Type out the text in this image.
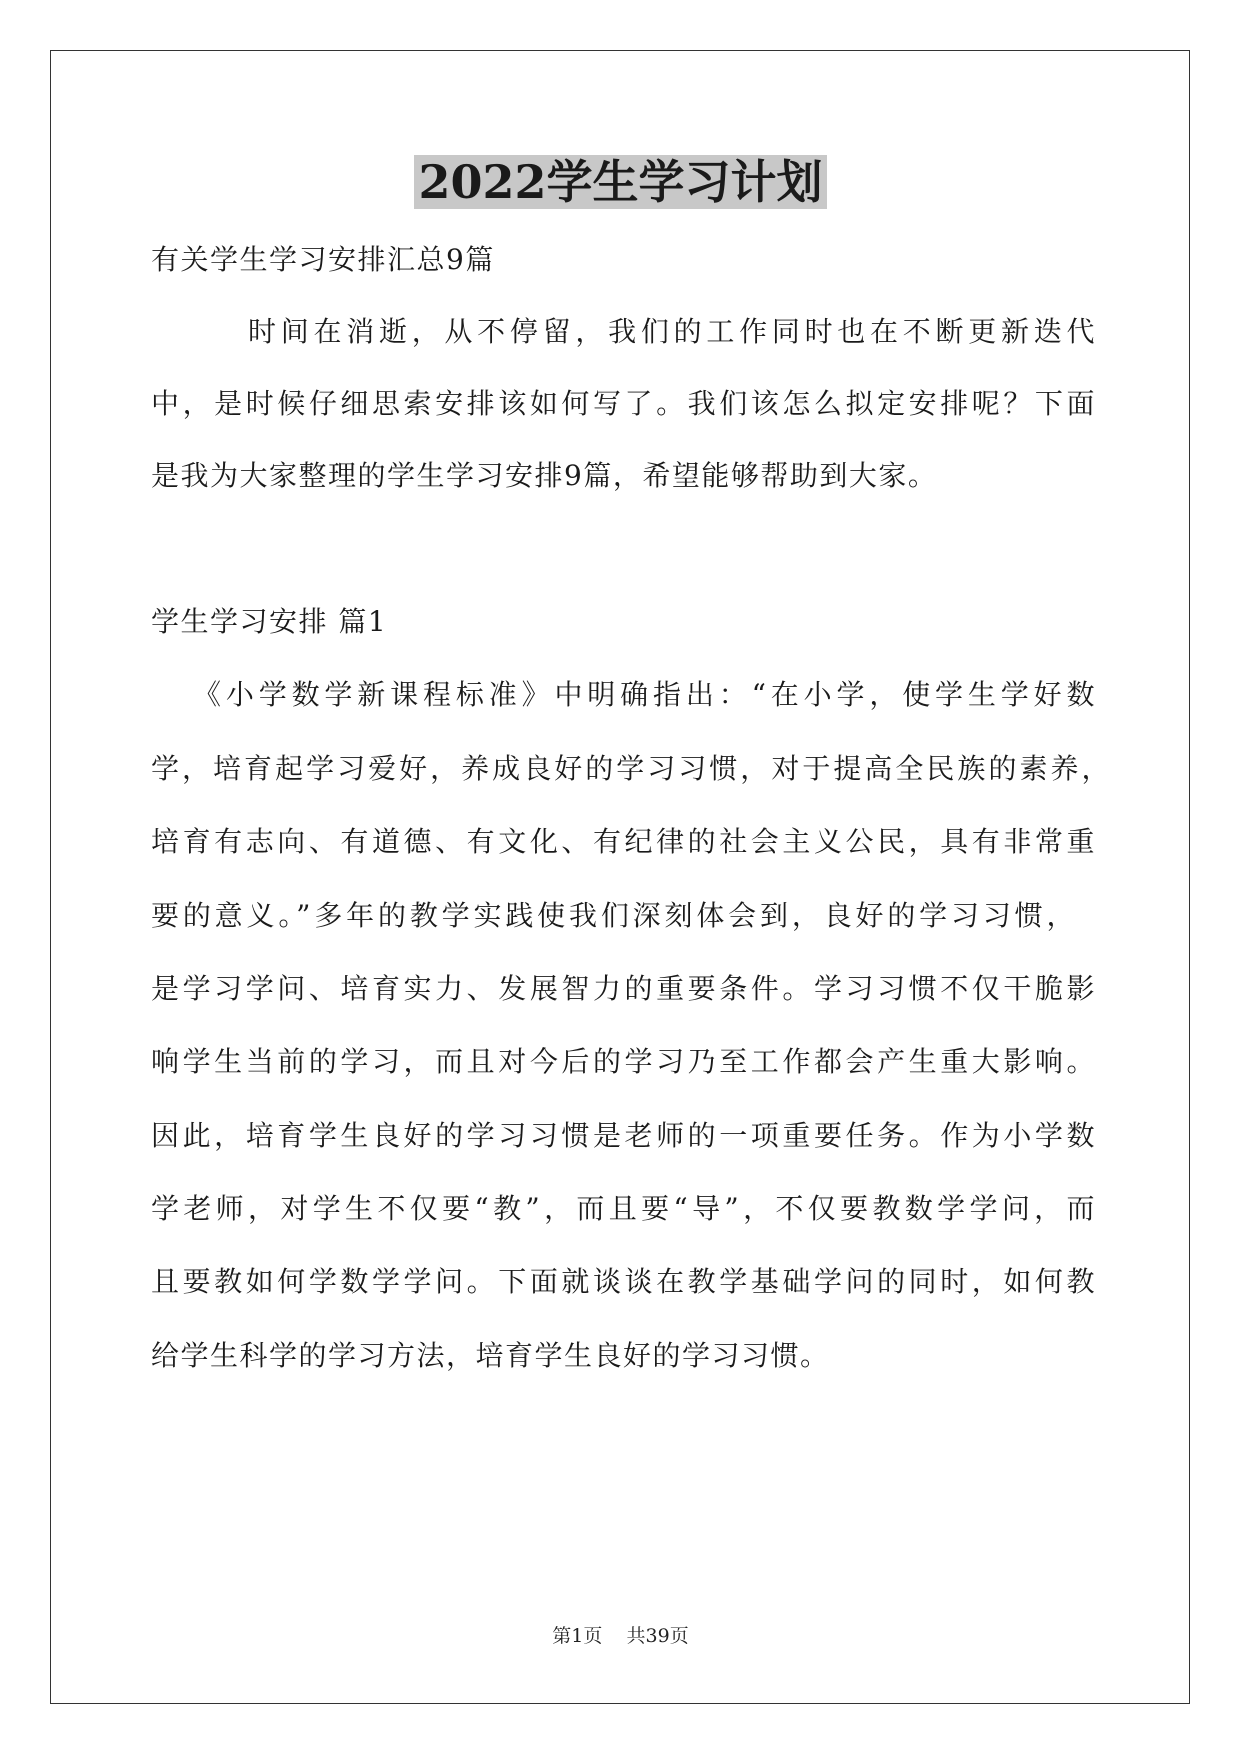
2022学生学习计划
有关学生学习安排汇总9篇
时间在消逝，从不停留，我们的工作同时也在不断更新迭代
中，是时候仔细思索安排该如何写了。我们该怎么拟定安排呢？下面
是我为大家整理的学生学习安排9篇，希望能够帮助到大家。
学生学习安排 篇1
《小学数学新课程标准》中明确指出：“在小学，使学生学好数
学，培育起学习爱好，养成良好的学习习惯，对于提高全民族的素养，
培育有志向、有道德、有文化、有纪律的社会主义公民，具有非常重
要的意义。”多年的教学实践使我们深刻体会到，良好的学习习惯，
是学习学问、培育实力、发展智力的重要条件。学习习惯不仅干脆影
响学生当前的学习，而且对今后的学习乃至工作都会产生重大影响。
因此，培育学生良好的学习习惯是老师的一项重要任务。作为小学数
学老师，对学生不仅要“教”，而且要“导”，不仅要教数学学问，而
且要教如何学数学学问。下面就谈谈在教学基础学问的同时，如何教
给学生科学的学习方法，培育学生良好的学习习惯。
第1页    共39页
